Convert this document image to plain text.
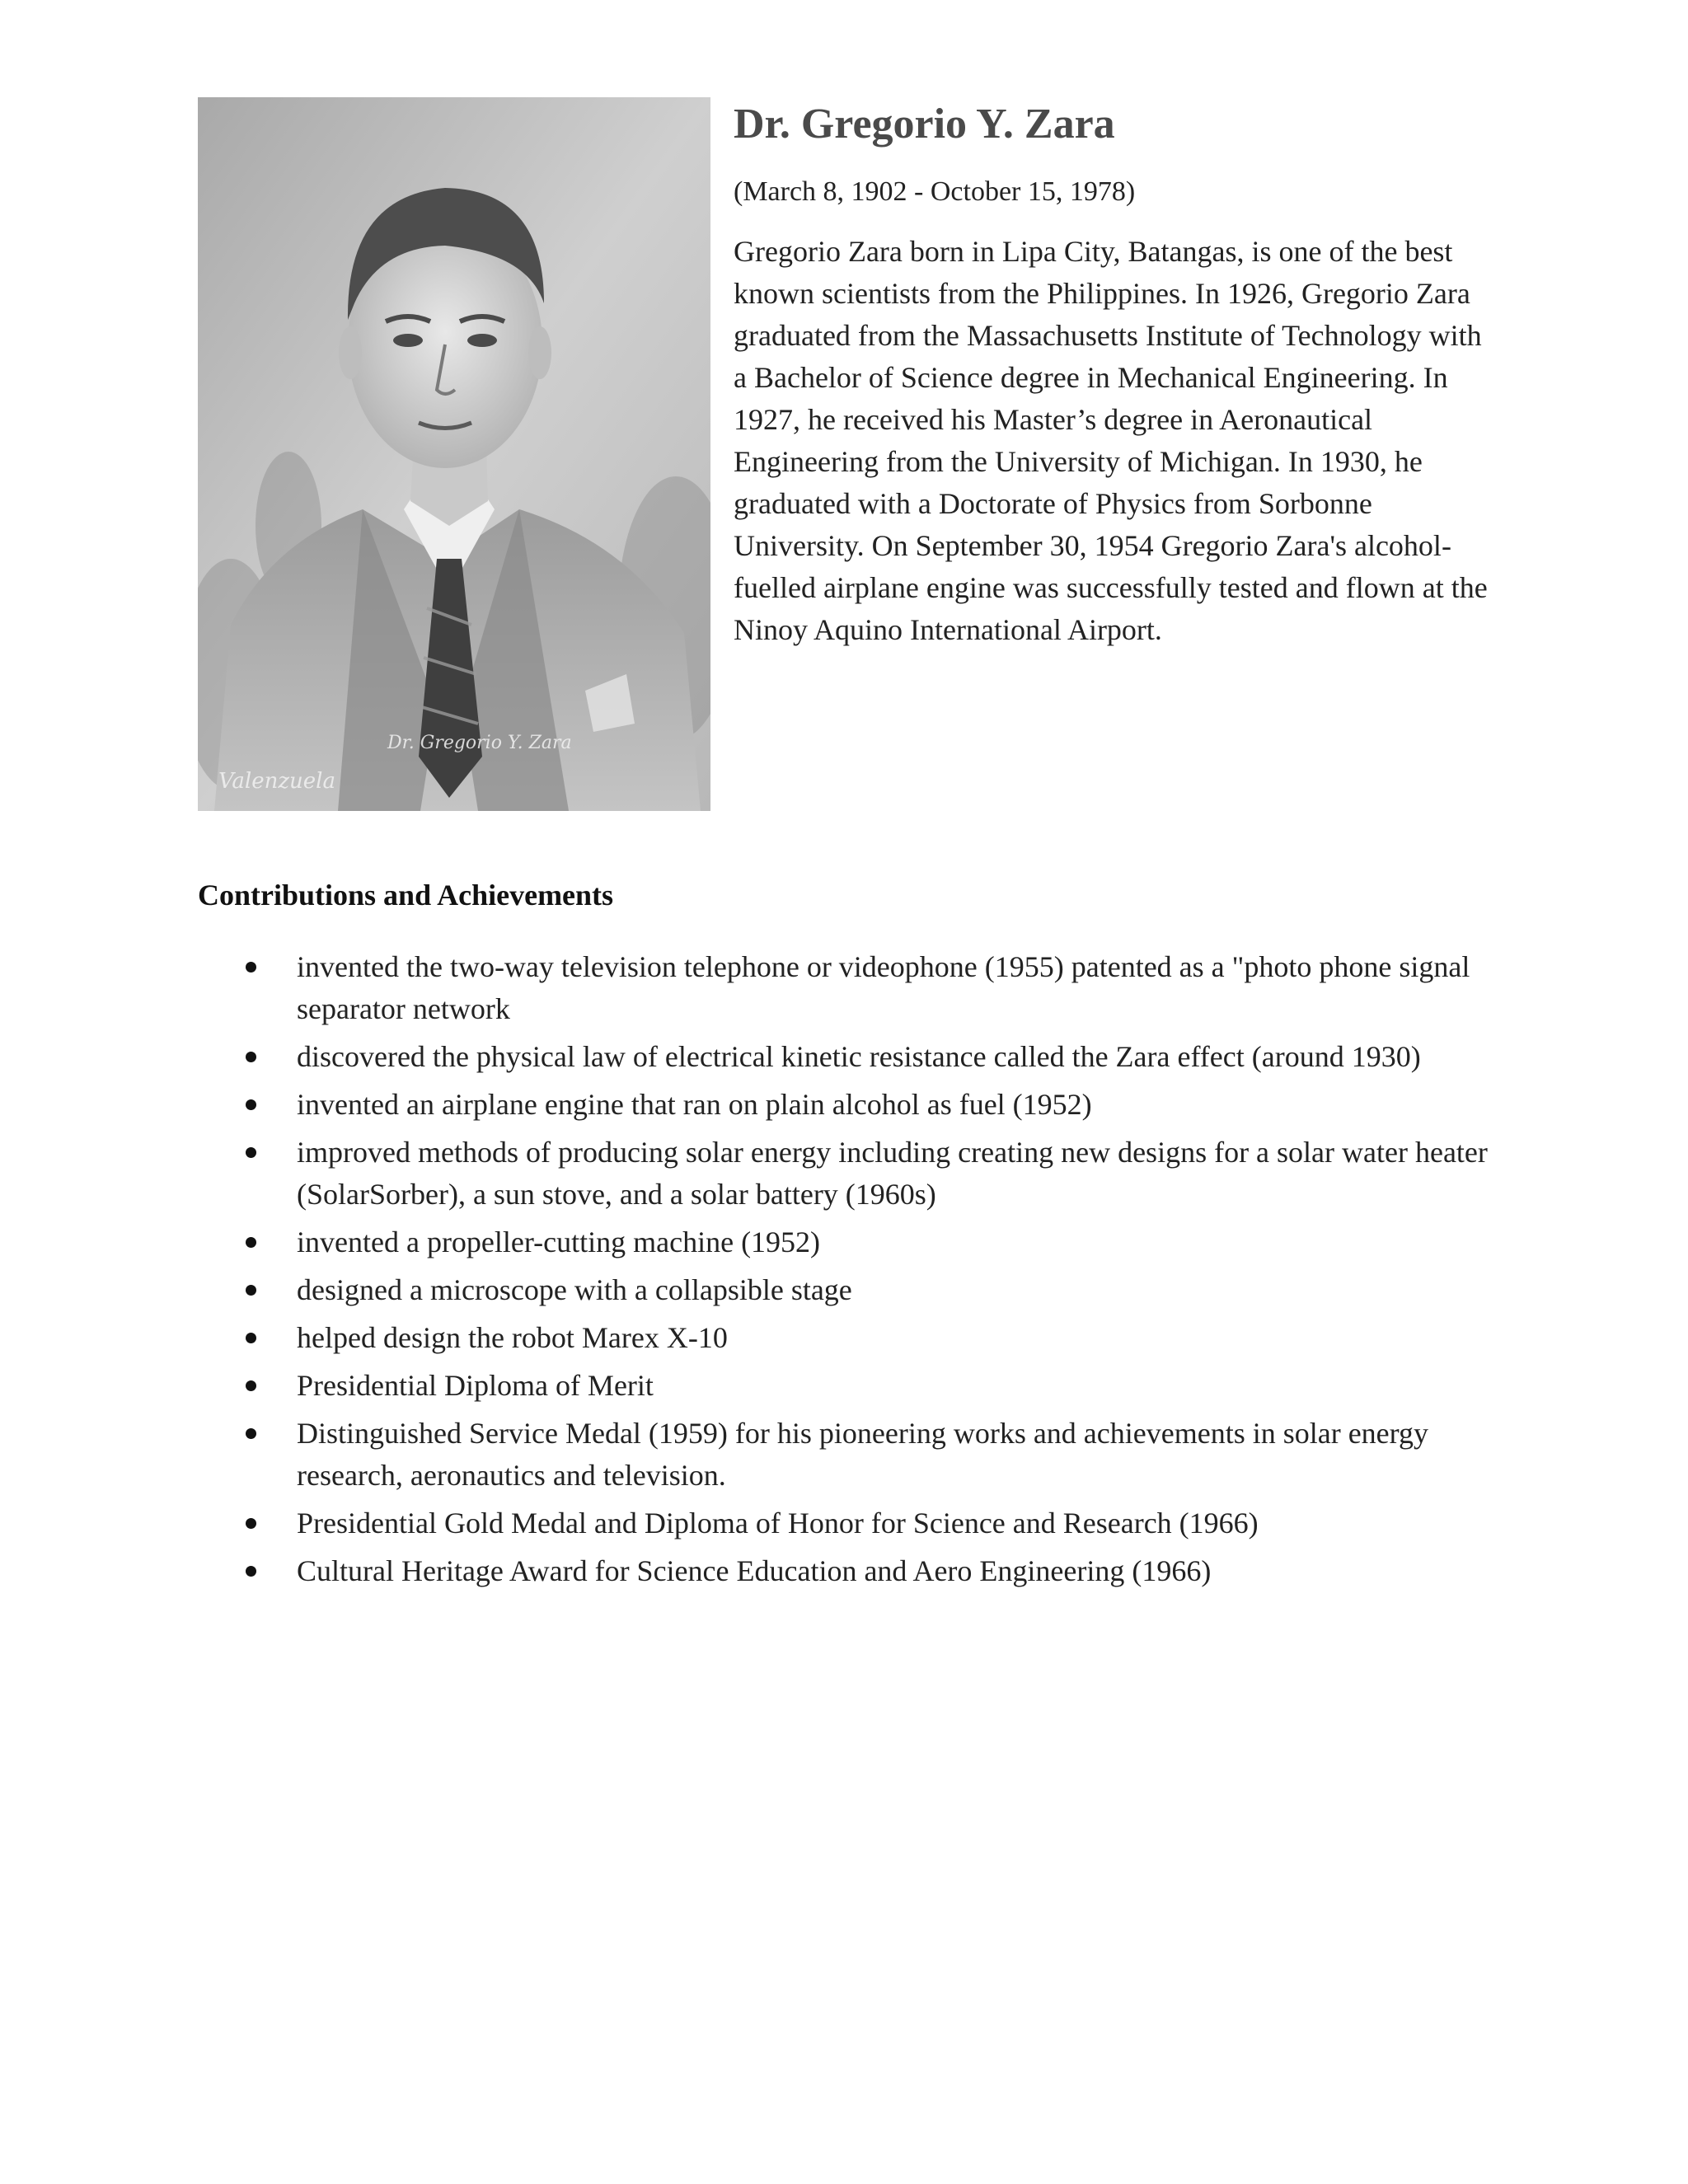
Valenzuela
Dr. Gregorio Y. Zara
Dr. Gregorio Y. Zara

(March 8, 1902 - October 15, 1978)

Gregorio Zara born in Lipa City, Batangas, is one of the best known scientists from the Philippines. In 1926, Gregorio Zara graduated from the Massachusetts Institute of Technology with a Bachelor of Science degree in Mechanical Engineering. In 1927, he received his Master’s degree in Aeronautical Engineering from the University of Michigan. In 1930, he graduated with a Doctorate of Physics from Sorbonne University. On September 30, 1954 Gregorio Zara's alcohol-fuelled airplane engine was successfully tested and flown at the Ninoy Aquino International Airport.

Contributions and Achievements
invented the two-way television telephone or videophone (1955) patented as a "photo phone signal separator network
discovered the physical law of electrical kinetic resistance called the Zara effect (around 1930)
invented an airplane engine that ran on plain alcohol as fuel (1952)
improved methods of producing solar energy including creating new designs for a solar water heater (SolarSorber), a sun stove, and a solar battery (1960s)
invented a propeller-cutting machine (1952)
designed a microscope with a collapsible stage
helped design the robot Marex X-10
Presidential Diploma of Merit
Distinguished Service Medal (1959) for his pioneering works and achievements in solar energy research, aeronautics and television.
Presidential Gold Medal and Diploma of Honor for Science and Research (1966)
Cultural Heritage Award for Science Education and Aero Engineering (1966)
